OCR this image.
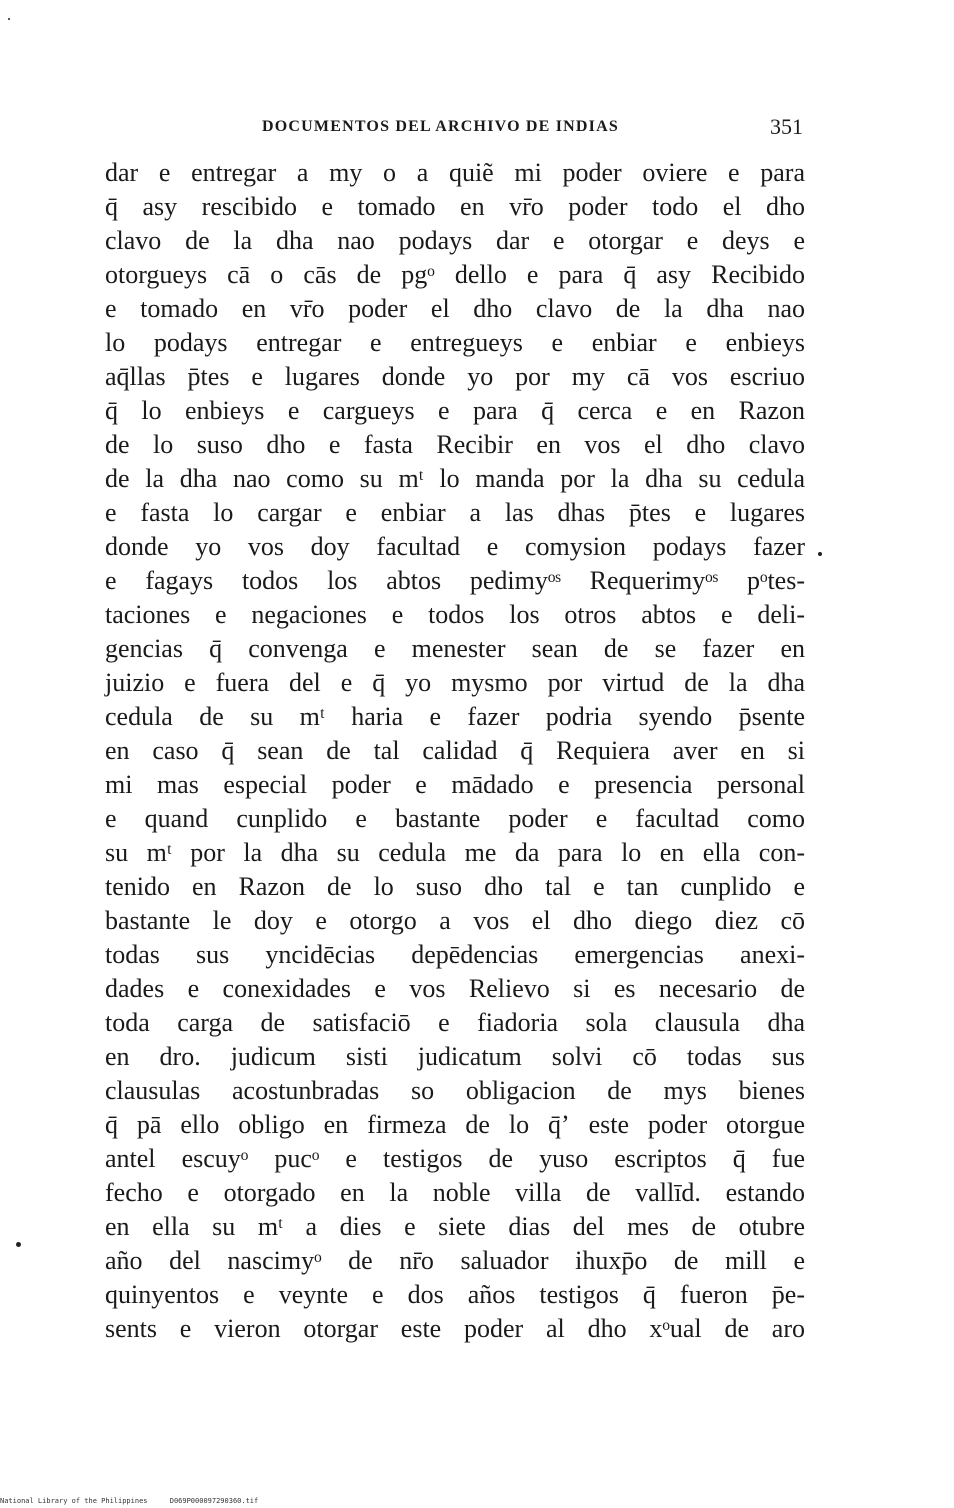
DOCUMENTOS DEL ARCHIVO DE INDIAS	351
dar e entregar a my o a quiẽ mi poder oviere e para
q̄ asy rescibido e tomado en vr̄o poder todo el dho
clavo de la dha nao podays dar e otorgar e deys e
otorgueys cā o cās de pgᵒ dello e para q̄ asy Recibido
e tomado en vr̄o poder el dho clavo de la dha nao
lo podays entregar e entregueys e enbiar e enbieys
aq̄llas p̄tes e lugares donde yo por my cā vos escriuo
q̄ lo enbieys e cargueys e para q̄ cerca e en Razon
de lo suso dho e fasta Recibir en vos el dho clavo
de la dha nao como su mᵗ lo manda por la dha su cedula
e fasta lo cargar e enbiar a las dhas p̄tes e lugares
donde yo vos doy facultad e comysion podays fazer
e fagays todos los abtos pedimyᵒˢ Requerimyᵒˢ pᵒtes-
taciones e negaciones e todos los otros abtos e deli-
gencias q̄ convenga e menester sean de se fazer en
juizio e fuera del e q̄ yo mysmo por virtud de la dha
cedula de su mᵗ haria e fazer podria syendo p̄sente
en caso q̄ sean de tal calidad q̄ Requiera aver en si
mi mas especial poder e mādado e presencia personal
e quand cunplido e bastante poder e facultad como
su mᵗ por la dha su cedula me da para lo en ella con-
tenido en Razon de lo suso dho tal e tan cunplido e
bastante le doy e otorgo a vos el dho diego diez cō
todas sus yncidēcias depēdencias emergencias anexi-
dades e conexidades e vos Relievo si es necesario de
toda carga de satisfaciō e fiadoria sola clausula dha
en dro. judicum sisti judicatum solvi cō todas sus
clausulas acostunbradas so obligacion de mys bienes
q̄ pā ello obligo en firmeza de lo q̄ʼ este poder otorgue
antel escuyᵒ pucᵒ e testigos de yuso escriptos q̄ fue
fecho e otorgado en la noble villa de vallīd. estando
en ella su mᵗ a dies e siete dias del mes de otubre
año del nascimyᵒ de nr̄o saluador ihuxp̄o de mill e
quinyentos e veynte e dos años testigos q̄ fueron p̄e-
sents e vieron otorgar este poder al dho xᵒual de aro
National Library of the Philippines	D069P000097290360.tif
